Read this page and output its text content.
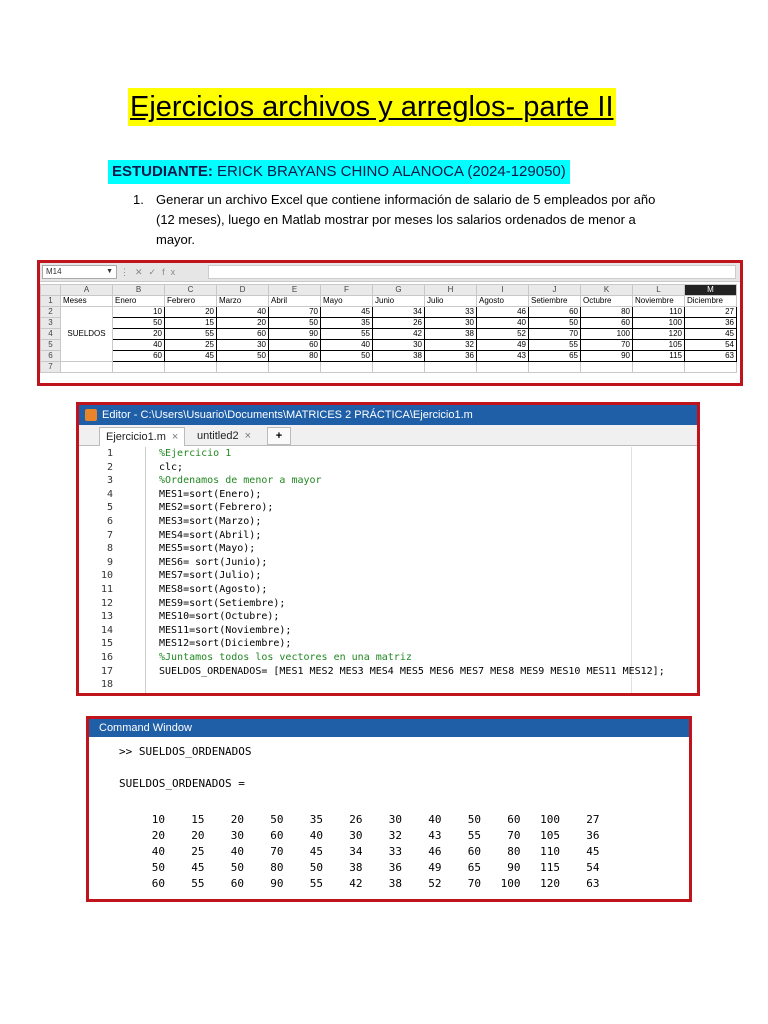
Ejercicios archivos y arreglos- parte II
ESTUDIANTE: ERICK BRAYANS CHINO ALANOCA (2024-129050)
1. Generar un archivo Excel que contiene información de salario de 5 empleados por año (12 meses), luego en Matlab mostrar por meses los salarios ordenados de menor a mayor.
M14	▼ ⋮✕✓fx
	A	B	C	D	E	F	G	H	I	J	K	L	M
1	Meses	Enero	Febrero	Marzo	Abril	Mayo	Junio	Julio	Agosto	Setiembre	Octubre	Noviembre	Diciembre
2	SUELDOS	10	20	40	70	45	34	33	46	60	80	110	27
3		50	15	20	50	35	26	30	40	50	60	100	36
4		20	55	60	90	55	42	38	52	70	100	120	45
5		40	25	30	60	40	30	32	49	55	70	105	54
6		60	45	50	80	50	38	36	43	65	90	115	63
7													
Editor - C:\Users\Usuario\Documents\MATRICES 2 PRÁCTICA\Ejercicio1.m
Ejercicio1.m ×	untitled2 ×	+
1	%Ejercicio 1
2	clc;
3	%Ordenamos de menor a mayor
4	MES1=sort(Enero);
5	MES2=sort(Febrero);
6	MES3=sort(Marzo);
7	MES4=sort(Abril);
8	MES5=sort(Mayo);
9	MES6= sort(Junio);
10	MES7=sort(Julio);
11	MES8=sort(Agosto);
12	MES9=sort(Setiembre);
13	MES10=sort(Octubre);
14	MES11=sort(Noviembre);
15	MES12=sort(Diciembre);
16	%Juntamos todos los vectores en una matriz
17	SUELDOS_ORDENADOS= [MES1 MES2 MES3 MES4 MES5 MES6 MES7 MES8 MES9 MES10 MES11 MES12];
18
Command Window
>> SUELDOS_ORDENADOS
SUELDOS_ORDENADOS =
10	15	20	50	35	26	30	40	50	60	100	27
20	20	30	60	40	30	32	43	55	70	105	36
40	25	40	70	45	34	33	46	60	80	110	45
50	45	50	80	50	38	36	49	65	90	115	54
60	55	60	90	55	42	38	52	70	100	120	63
